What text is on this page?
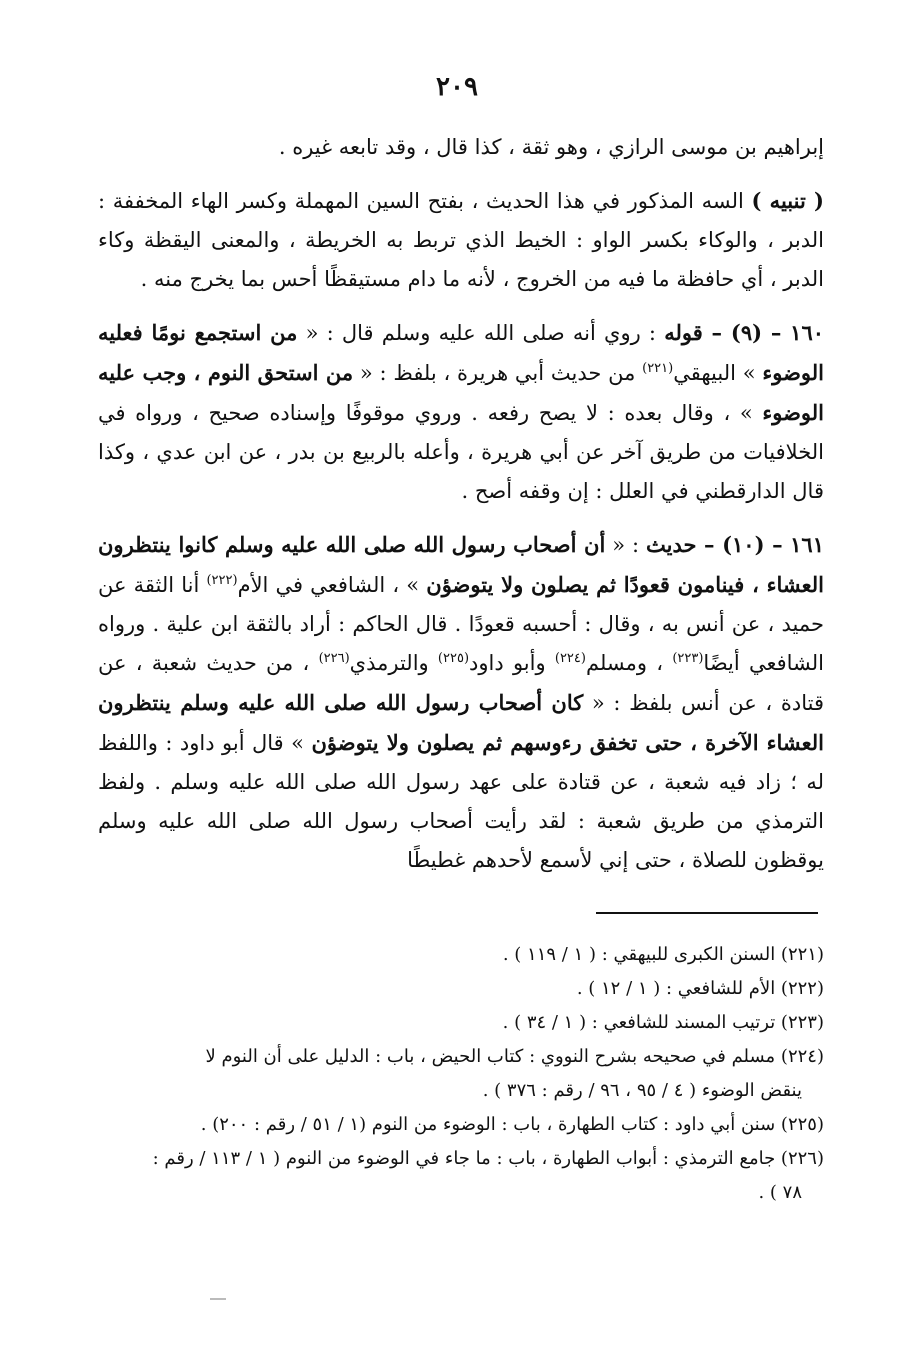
٢٠٩

إبراهيم بن موسى الرازي ، وهو ثقة ، كذا قال ، وقد تابعه غيره .

( تنبيه ) السه المذكور في هذا الحديث ، بفتح السين المهملة وكسر الهاء المخففة : الدبر ، والوكاء بكسر الواو : الخيط الذي تربط به الخريطة ، والمعنى اليقظة وكاء الدبر ، أي حافظة ما فيه من الخروج ، لأنه ما دام مستيقظًا أحس بما يخرج منه .

١٦٠ – (٩) – قوله : روي أنه صلى الله عليه وسلم قال : « من استجمع نومًا فعليه الوضوء » البيهقي$^{(٢٢١)}$ من حديث أبي هريرة ، بلفظ : « من استحق النوم ، وجب عليه الوضوء » ، وقال بعده : لا يصح رفعه . وروي موقوفًا وإسناده صحيح ، ورواه في الخلافيات من طريق آخر عن أبي هريرة ، وأعله بالربيع بن بدر ، عن ابن عدي ، وكذا قال الدارقطني في العلل : إن وقفه أصح .

١٦١ – (١٠) – حديث : « أن أصحاب رسول الله صلى الله عليه وسلم كانوا ينتظرون العشاء ، فينامون قعودًا ثم يصلون ولا يتوضؤن » ، الشافعي في الأم$^{(٢٢٢)}$ أنا الثقة عن حميد ، عن أنس به ، وقال : أحسبه قعودًا . قال الحاكم : أراد بالثقة ابن علية . ورواه الشافعي أيضًا$^{(٢٢٣)}$ ، ومسلم$^{(٢٢٤)}$ وأبو داود$^{(٢٢٥)}$ والترمذي$^{(٢٢٦)}$ ، من حديث شعبة ، عن قتادة ، عن أنس بلفظ : « كان أصحاب رسول الله صلى الله عليه وسلم ينتظرون العشاء الآخرة ، حتى تخفق رءوسهم ثم يصلون ولا يتوضؤن » قال أبو داود : واللفظ له ؛ زاد فيه شعبة ، عن قتادة على عهد رسول الله صلى الله عليه وسلم . ولفظ الترمذي من طريق شعبة : لقد رأيت أصحاب رسول الله صلى الله عليه وسلم يوقظون للصلاة ، حتى إني لأسمع لأحدهم غطيطًا

(٢٢١) السنن الكبرى للبيهقي : ( ١ / ١١٩ ) .

(٢٢٢) الأم للشافعي : ( ١ / ١٢ ) .

(٢٢٣) ترتيب المسند للشافعي : ( ١ / ٣٤ ) .

(٢٢٤) مسلم في صحيحه بشرح النووي : كتاب الحيض ، باب : الدليل على أن النوم لا

ينقض الوضوء ( ٤ / ٩٥ ، ٩٦ / رقم : ٣٧٦ ) .

(٢٢٥) سنن أبي داود : كتاب الطهارة ، باب : الوضوء من النوم (١ / ٥١ / رقم : ٢٠٠) .

(٢٢٦) جامع الترمذي : أبواب الطهارة ، باب : ما جاء في الوضوء من النوم ( ١ / ١١٣ / رقم :

٧٨ ) .
